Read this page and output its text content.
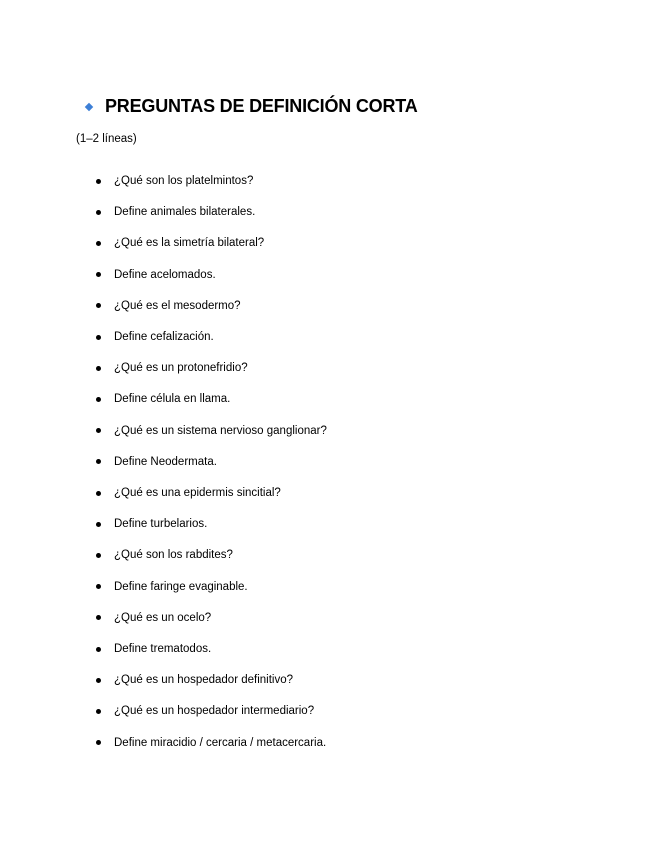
PREGUNTAS DE DEFINICIÓN CORTA
(1–2 líneas)
¿Qué son los platelmintos?
Define animales bilaterales.
¿Qué es la simetría bilateral?
Define acelomados.
¿Qué es el mesodermo?
Define cefalización.
¿Qué es un protonefridio?
Define célula en llama.
¿Qué es un sistema nervioso ganglionar?
Define Neodermata.
¿Qué es una epidermis sincitial?
Define turbelarios.
¿Qué son los rabdites?
Define faringe evaginable.
¿Qué es un ocelo?
Define trematodos.
¿Qué es un hospedador definitivo?
¿Qué es un hospedador intermediario?
Define miracidio / cercaria / metacercaria.
